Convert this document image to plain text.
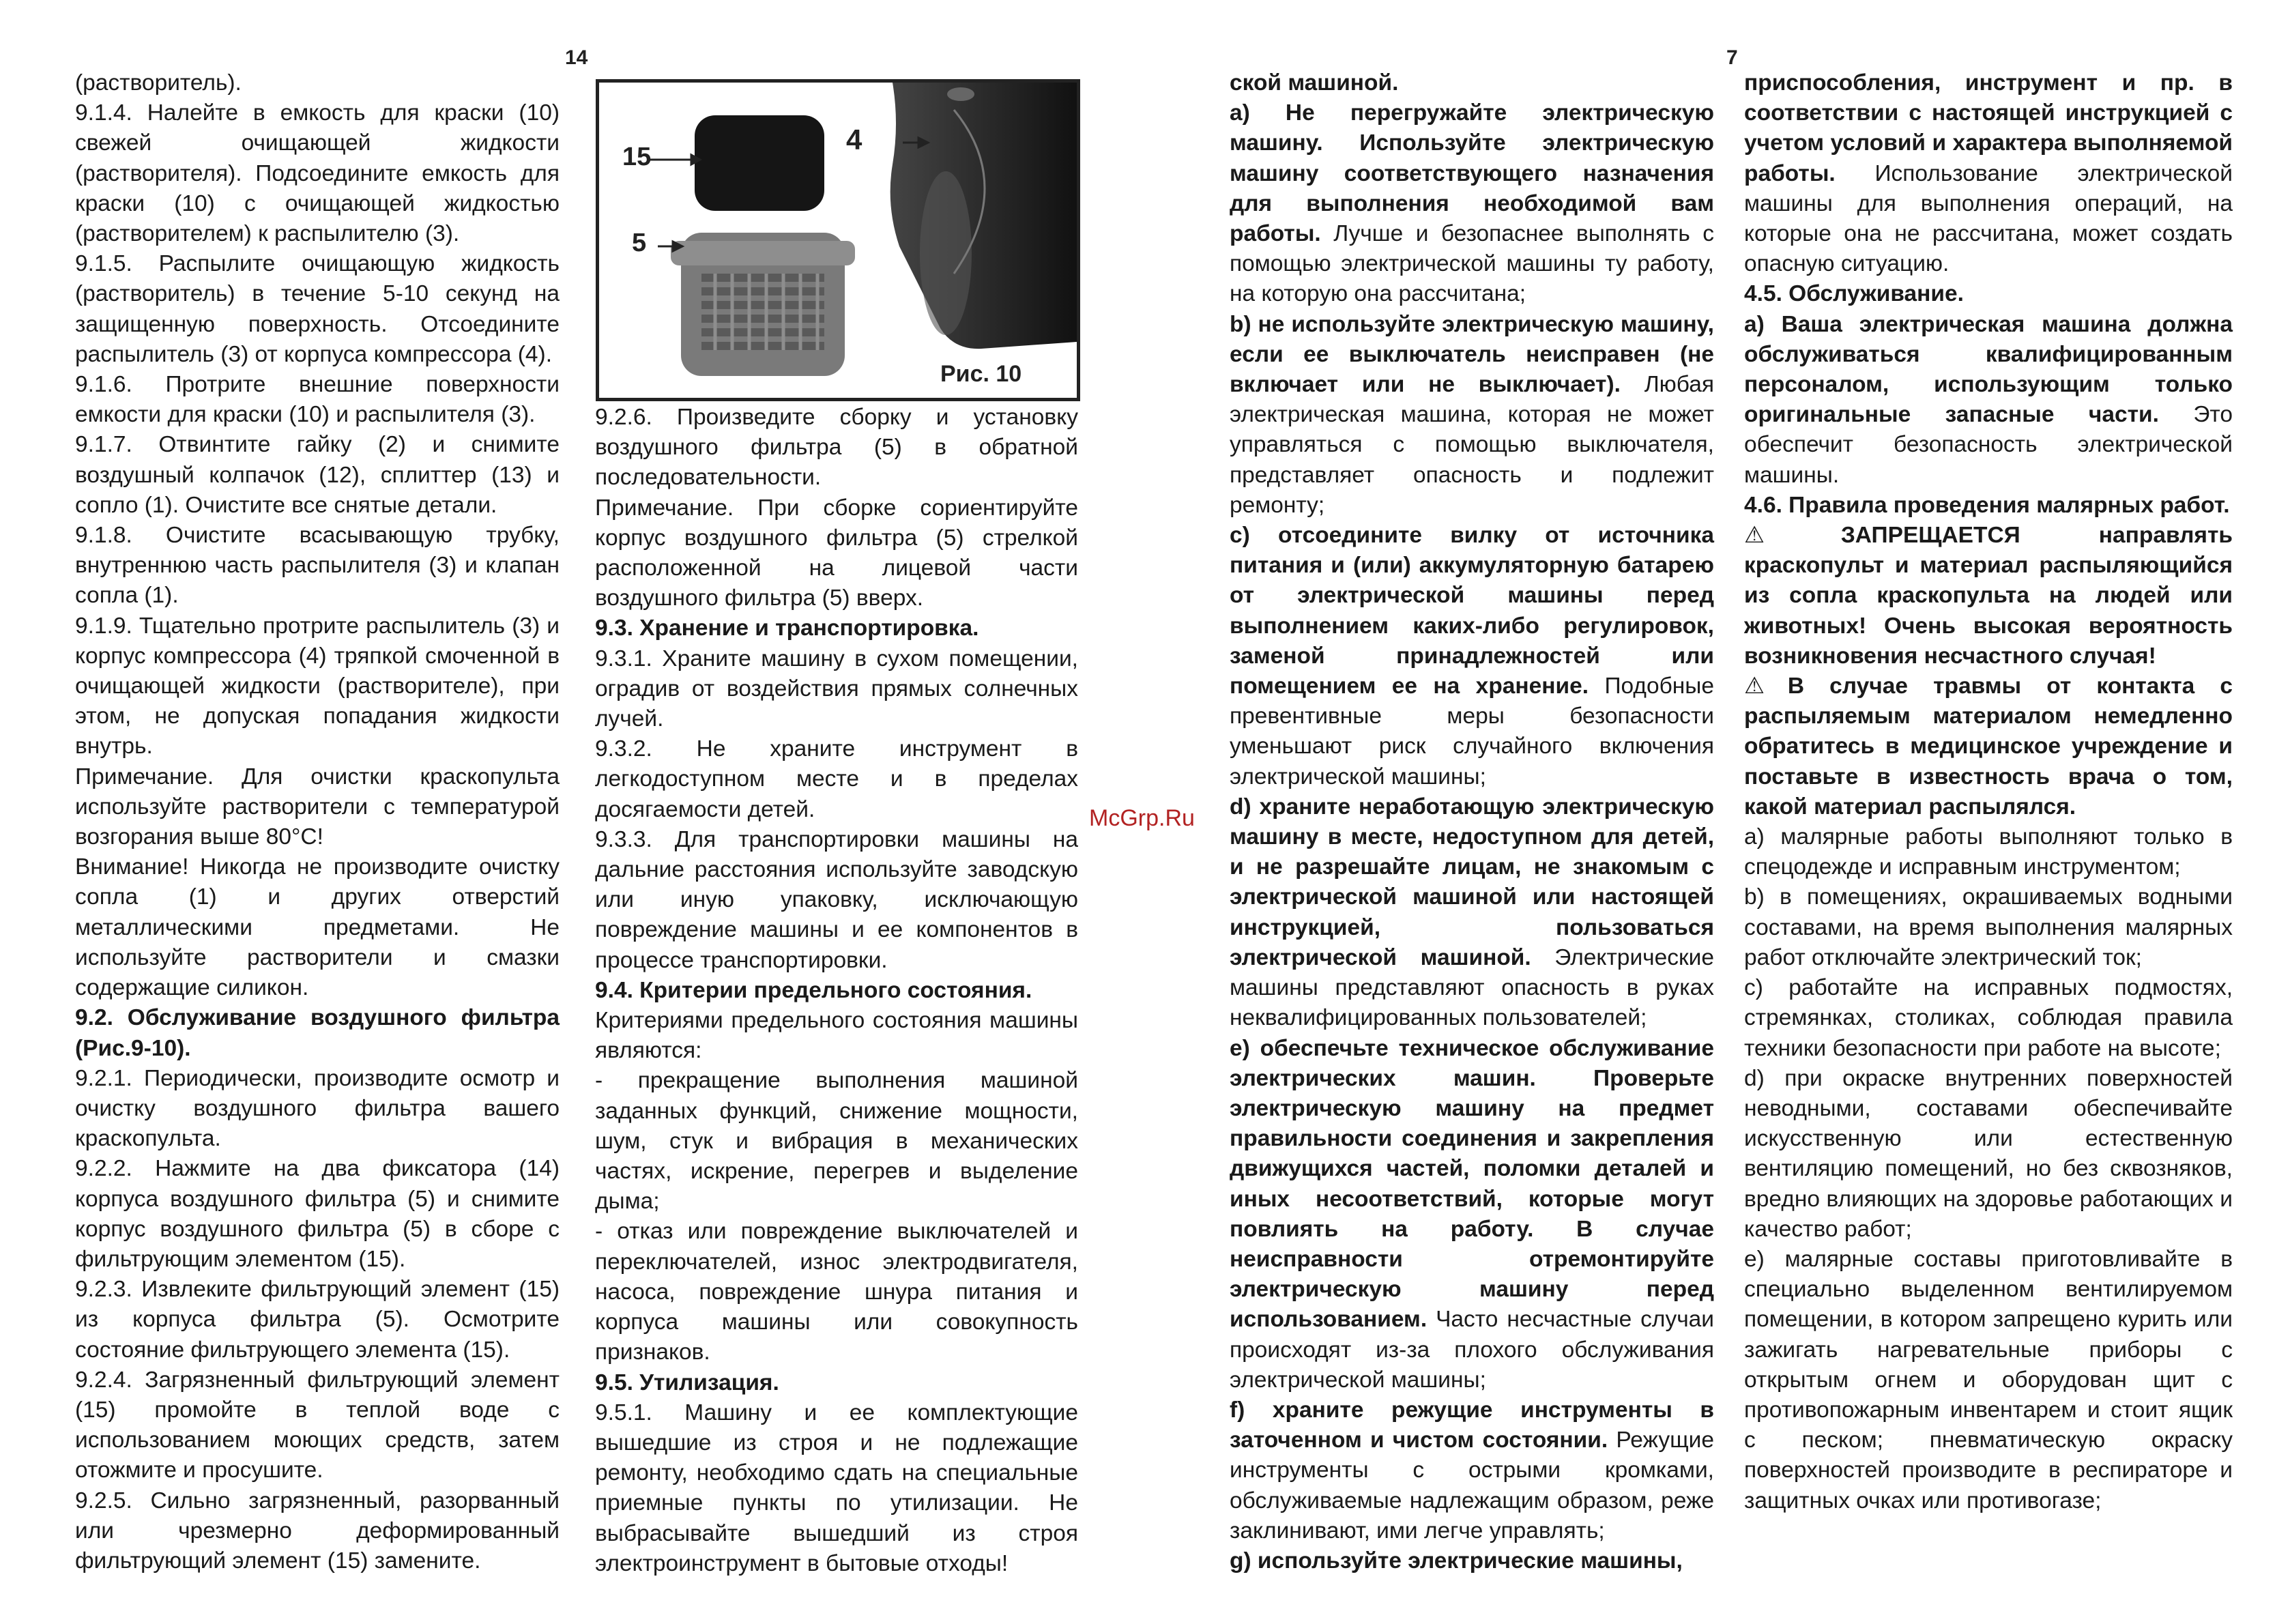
14

(растворитель).

9.1.4. Налейте в емкость для краски (10) свежей очищающей жидкости (растворителя). Подсоедините емкость для краски (10) с очищающей жидкостью (растворителем) к распылителю (3).

9.1.5. Распылите очищающую жидкость (растворитель) в течение 5-10 секунд на защищенную поверхность. Отсоедините распылитель (3) от корпуса компрессора (4).

9.1.6. Протрите внешние поверхности емкости для краски (10) и распылителя (3).

9.1.7. Отвинтите гайку (2) и снимите воздушный колпачок (12), сплиттер (13) и сопло (1). Очистите все снятые детали.

9.1.8. Очистите всасывающую трубку, внутреннюю часть распылителя (3) и клапан сопла (1).

9.1.9. Тщательно протрите распылитель (3) и корпус компрессора (4) тряпкой смоченной в очищающей жидкости (растворителе), при этом, не допуская попадания жидкости внутрь.

Примечание. Для очистки краскопульта используйте растворители с температурой возгорания выше 80°С!

Внимание! Никогда не производите очистку сопла (1) и других отверстий металлическими предметами. Не используйте растворители и смазки содержащие силикон.

9.2. Обслуживание воздушного фильтра (Рис.9-10).

9.2.1. Периодически, производите осмотр и очистку воздушного фильтра вашего краскопульта.

9.2.2. Нажмите на два фиксатора (14) корпуса воздушного фильтра (5) и снимите корпус воздушного фильтра (5) в сборе с фильтрующим элементом (15).

9.2.3. Извлеките фильтрующий элемент (15) из корпуса фильтра (5). Осмотрите состояние фильтрующего элемента (15).

9.2.4. Загрязненный фильтрующий элемент (15) промойте в теплой воде с использованием моющих средств, затем отожмите и просушите.

9.2.5. Сильно загрязненный, разорванный или чрезмерно деформированный фильтрующий элемент (15) замените.

15
4
5
Рис. 10

9.2.6. Произведите сборку и установку воздушного фильтра (5) в обратной последовательности.

Примечание. При сборке сориентируйте корпус воздушного фильтра (5) стрелкой расположенной на лицевой части воздушного фильтра (5) вверх.

9.3. Хранение и транспортировка.

9.3.1. Храните машину в сухом помещении, оградив от воздействия прямых солнечных лучей.

9.3.2. Не храните инструмент в легкодоступном месте и в пределах досягаемости детей.

9.3.3. Для транспортировки машины на дальние расстояния используйте заводскую или иную упаковку, исключающую повреждение машины и ее компонентов в процессе транспортировки.

9.4. Критерии предельного состояния.

Критериями предельного состояния машины являются:

- прекращение выполнения машиной заданных функций, снижение мощности, шум, стук и вибрация в механических частях, искрение, перегрев и выделение дыма;

- отказ или повреждение выключателей и переключателей, износ электродвигателя, насоса, повреждение шнура питания и корпуса машины или совокупность признаков.

9.5. Утилизация.

9.5.1. Машину и ее комплектующие вышедшие из строя и не подлежащие ремонту, необходимо сдать на специальные приемные пункты по утилизации. Не выбрасывайте вышедший из строя электроинструмент в бытовые отходы!

McGrp.Ru
7

ской машиной.

а) Не перегружайте электрическую машину. Используйте электрическую машину соответствующего назначения для выполнения необходимой вам работы. Лучше и безопаснее выполнять с помощью электрической машины ту работу, на которую она рассчитана;

b) не используйте электрическую машину, если ее выключатель неисправен (не включает или не выключает). Любая электрическая машина, которая не может управляться с помощью выключателя, представляет опасность и подлежит ремонту;

с) отсоедините вилку от источника питания и (или) аккумуляторную батарею от электрической машины перед выполнением каких-либо регулировок, заменой принадлежностей или помещением ее на хранение. Подобные превентивные меры безопасности уменьшают риск случайного включения электрической машины;

d) храните неработающую электрическую машину в месте, недоступном для детей, и не разрешайте лицам, не знакомым с электрической машиной или настоящей инструкцией, пользоваться электрической машиной. Электрические машины представляют опасность в руках неквалифицированных пользователей;

е) обеспечьте техническое обслуживание электрических машин. Проверьте электрическую машину на предмет правильности соединения и закрепления движущихся частей, поломки деталей и иных несоответствий, которые могут повлиять на работу. В случае неисправности отремонтируйте электрическую машину перед использованием. Часто несчастные случаи происходят из-за плохого обслуживания электрической машины;

f) храните режущие инструменты в заточенном и чистом состоянии. Режущие инструменты с острыми кромками, обслуживаемые надлежащим образом, реже заклинивают, ими легче управлять;

g) используйте электрические машины,

приспособления, инструмент и пр. в соответствии с настоящей инструкцией с учетом условий и характера выполняемой работы. Использование электрической машины для выполнения операций, на которые она не рассчитана, может создать опасную ситуацию.

4.5. Обслуживание.

а) Ваша электрическая машина должна обслуживаться квалифицированным персоналом, использующим только оригинальные запасные части. Это обеспечит безопасность электрической машины.

4.6. Правила проведения малярных работ.

⚠ ЗАПРЕЩАЕТСЯ направлять краскопульт и материал распыляющийся из сопла краскопульта на людей или животных! Очень высокая вероятность возникновения несчастного случая!

⚠ В случае травмы от контакта с распыляемым материалом немедленно обратитесь в медицинское учреждение и поставьте в известность врача о том, какой материал распылялся.

а) малярные работы выполняют только в спецодежде и исправным инструментом;

b) в помещениях, окрашиваемых водными составами, на время выполнения малярных работ отключайте электрический ток;

с) работайте на исправных подмостях, стремянках, столиках, соблюдая правила техники безопасности при работе на высоте;

d) при окраске внутренних поверхностей неводными, составами обеспечивайте искусственную или естественную вентиляцию помещений, но без сквозняков, вредно влияющих на здоровье работающих и качество работ;

е) малярные составы приготовливайте в специально выделенном вентилируемом помещении, в котором запрещено курить или зажигать нагревательные приборы с открытым огнем и оборудован щит с противопожарным инвентарем и стоит ящик с песком; пневматическую окраску поверхностей производите в респираторе и защитных очках или противогазе;
